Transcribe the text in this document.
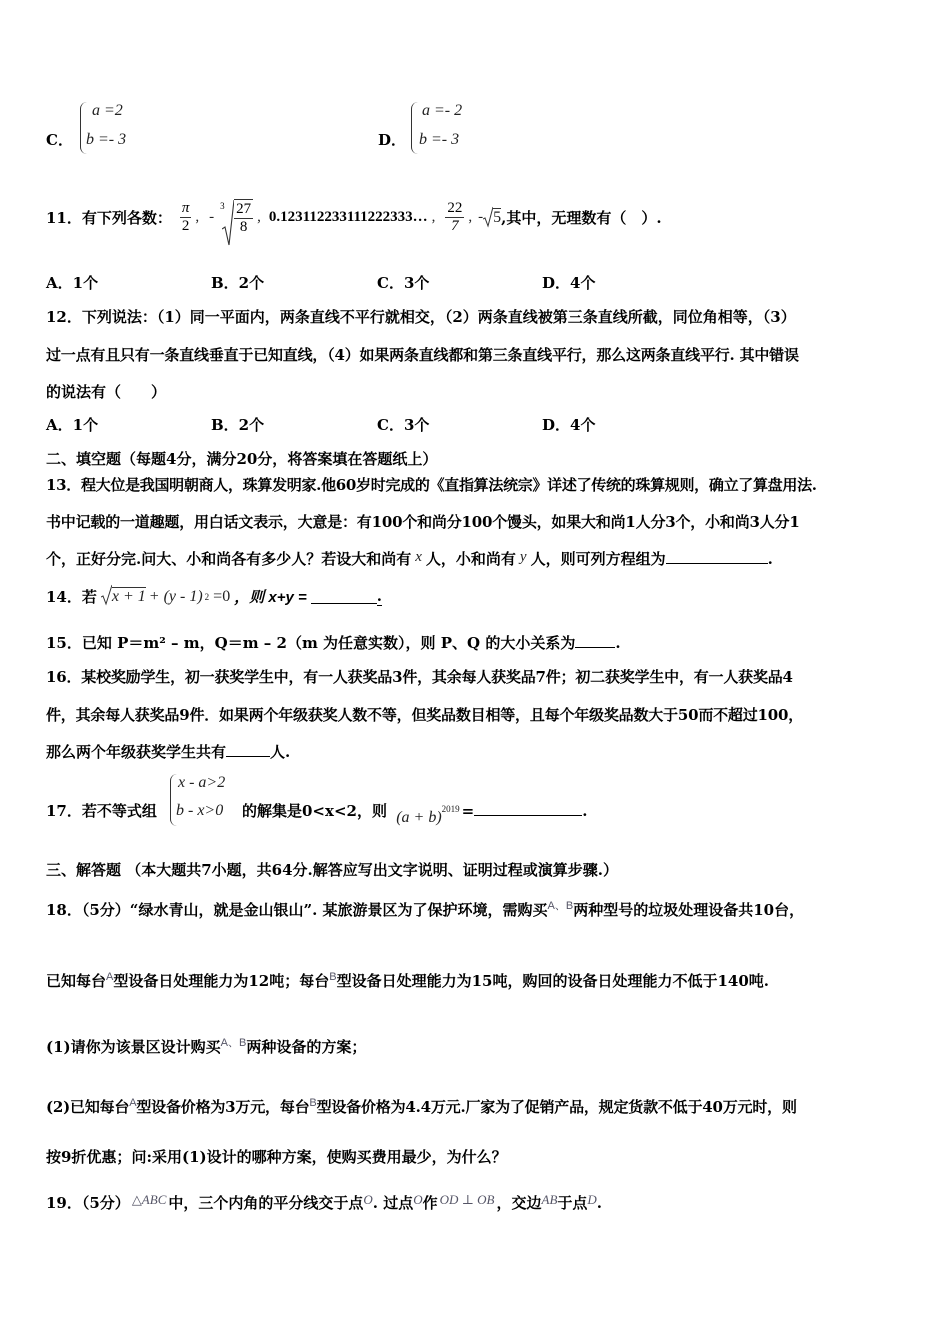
C．
a =2
b =- 3	D．
a =- 2
b =- 3
11．有下列各数： $\frac{\pi}{2}$ , -
$3 \frac{27}{8}$ , 0.123112233111222333… , $\frac{22}{7}$ , - 5 ,其中，无理数有（　）.
A．1个	B．2个	C．3个	D．4个
12．下列说法：（1）同一平面内，两条直线不平行就相交，（2）两条直线被第三条直线所截，同位角相等，（3）
过一点有且只有一条直线垂直于已知直线，（4）如果两条直线都和第三条直线平行，那么这两条直线平行. 其中错误
的说法有（　　）
A．1个	B．2个	C．3个	D．4个
二、填空题（每题4分，满分20分，将答案填在答题纸上）
13．程大位是我国明朝商人，珠算发明家.他60岁时完成的《直指算法统宗》详述了传统的珠算规则，确立了算盘用法.
书中记载的一道趣题，用白话文表示，大意是：有100个和尚分100个馒头，如果大和尚1人分3个，小和尚3人分1
个，正好分完.问大、小和尚各有多少人？若设大和尚有 x 人，小和尚有 y 人，则可列方程组为	.
14．若 x + 1 + (y - 1) 2 =0 ，则 x+y =	.
15．已知 P＝m² – m，Q＝m – 2（m 为任意实数），则 P、Q 的大小关系为	.
16．某校奖励学生，初一获奖学生中，有一人获奖品3件，其余每人获奖品7件；初二获奖学生中，有一人获奖品4
件，其余每人获奖品9件．如果两个年级获奖人数不等，但奖品数目相等，且每个年级奖品数大于50而不超过100，
那么两个年级获奖学生共有	人.
17．若不等式组
x - a>2
b - x>0 的解集是0<x<2，则 $(a + b)^{2019}$ =	.
三、解答题 （本大题共7小题，共64分.解答应写出文字说明、证明过程或演算步骤.）
18．（5分）“绿水青山，就是金山银山”. 某旅游景区为了保护环境，需购买$^{A、B}$两种型号的垃圾处理设备共10台，
已知每台$^A$型设备日处理能力为12吨；每台$^B$型设备日处理能力为15吨，购回的设备日处理能力不低于140吨.
(1)请你为该景区设计购买$^{A、B}$两种设备的方案；
(2)已知每台$^A$型设备价格为3万元，每台$^B$型设备价格为4.4万元.厂家为了促销产品，规定货款不低于40万元时，则
按9折优惠；问:采用(1)设计的哪种方案，使购买费用最少，为什么？
19．（5分） △ABC 中，三个内角的平分线交于点O. 过点O作 OD ⊥ OB ，交边AB于点D.
